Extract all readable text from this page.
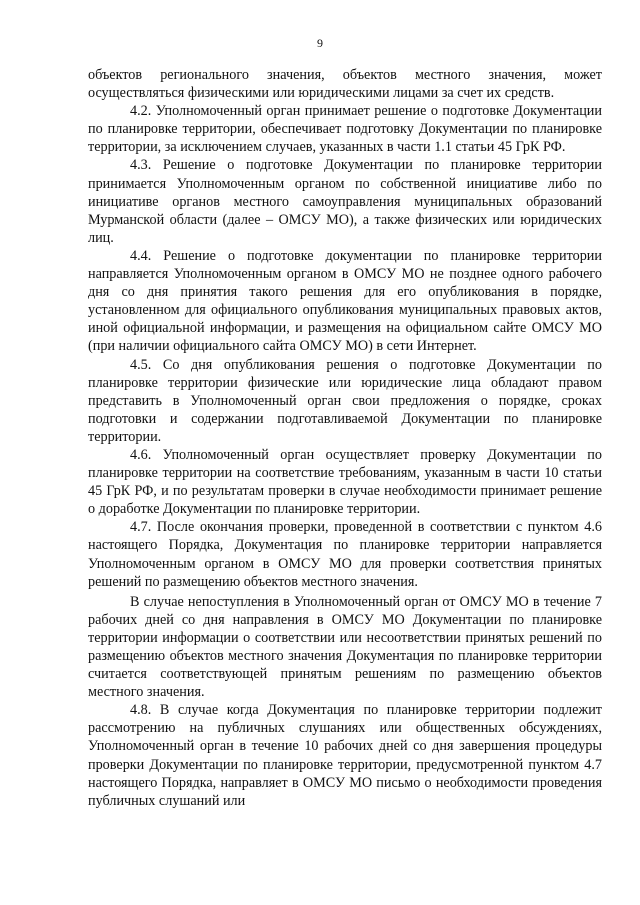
9

объектов регионального значения, объектов местного значения, может осуществляться физическими или юридическими лицами за счет их средств.

4.2. Уполномоченный орган принимает решение о подготовке Документации по планировке территории, обеспечивает подготовку Документации по планировке территории, за исключением случаев, указанных в части 1.1 статьи 45 ГрК РФ.

4.3. Решение о подготовке Документации по планировке территории принимается Уполномоченным органом по собственной инициативе либо по инициативе органов местного самоуправления муниципальных образований Мурманской области (далее – ОМСУ МО), а также физических или юридических лиц.

4.4. Решение о подготовке документации по планировке территории направляется Уполномоченным органом в ОМСУ МО не позднее одного рабочего дня со дня принятия такого решения для его опубликования в порядке, установленном для официального опубликования муниципальных правовых актов, иной официальной информации, и размещения на официальном сайте ОМСУ МО (при наличии официального сайта ОМСУ МО) в сети Интернет.

4.5. Со дня опубликования решения о подготовке Документации по планировке территории физические или юридические лица обладают правом представить в Уполномоченный орган свои предложения о порядке, сроках подготовки и содержании подготавливаемой Документации по планировке территории.

4.6. Уполномоченный орган осуществляет проверку Документации по планировке территории на соответствие требованиям, указанным в части 10 статьи 45 ГрК РФ, и по результатам проверки в случае необходимости принимает решение о доработке Документации по планировке территории.

4.7. После окончания проверки, проведенной в соответствии с пунктом 4.6 настоящего Порядка, Документация по планировке территории направляется Уполномоченным органом в ОМСУ МО для проверки соответствия принятых решений по размещению объектов местного значения.

В случае непоступления в Уполномоченный орган от ОМСУ МО в течение 7 рабочих дней со дня направления в ОМСУ МО Документации по планировке территории информации о соответствии или несоответствии принятых решений по размещению объектов местного значения Документация по планировке территории считается соответствующей принятым решениям по размещению объектов местного значения.

4.8. В случае когда Документация по планировке территории подлежит рассмотрению на публичных слушаниях или общественных обсуждениях, Уполномоченный орган в течение 10 рабочих дней со дня завершения процедуры проверки Документации по планировке территории, предусмотренной пунктом 4.7 настоящего Порядка, направляет в ОМСУ МО письмо о необходимости проведения публичных слушаний или
